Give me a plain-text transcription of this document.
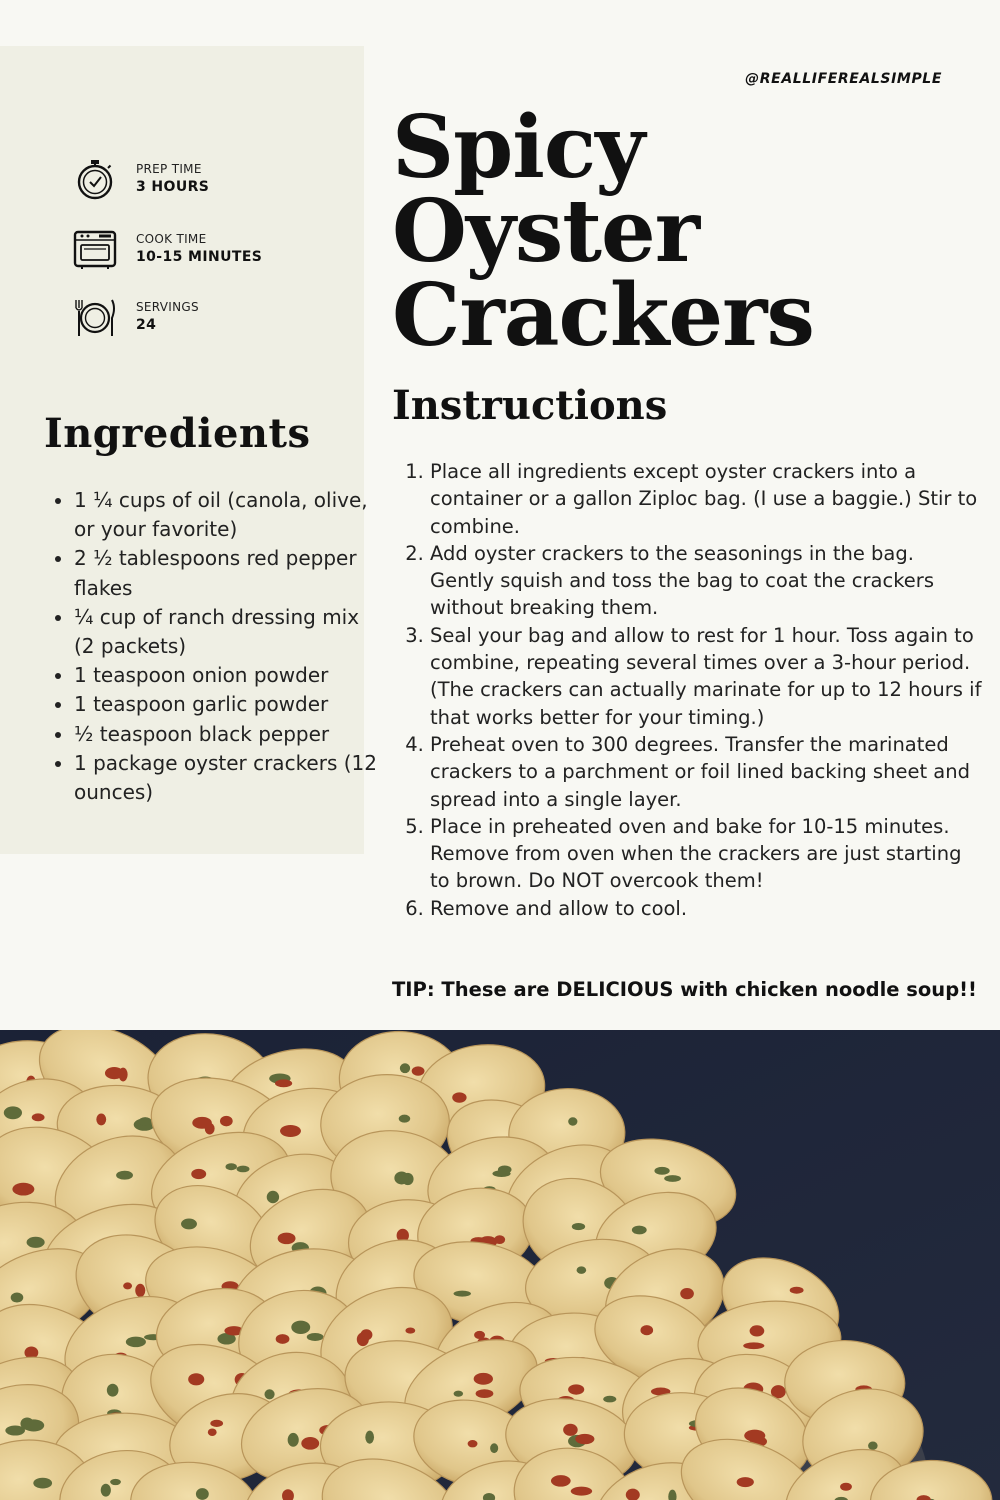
PREP TIME
3 HOURS
COOK TIME
10-15 MINUTES
SERVINGS
24
Ingredients
• 1 ¼ cups of oil (canola, olive, or your favorite)
• 2 ½ tablespoons red pepper flakes
• ¼ cup of ranch dressing mix (2 packets)
• 1 teaspoon onion powder
• 1 teaspoon garlic powder
• ½ teaspoon black pepper
• 1 package oyster crackers (12 ounces)
@REALLIFEREALSIMPLE
Spicy Oyster Crackers
Instructions
1. Place all ingredients except oyster crackers into a container or a gallon Ziploc bag. (I use a baggie.) Stir to combine.
2. Add oyster crackers to the seasonings in the bag. Gently squish and toss the bag to coat the crackers without breaking them.
3. Seal your bag and allow to rest for 1 hour. Toss again to combine, repeating several times over a 3-hour period. (The crackers can actually marinate for up to 12 hours if that works better for your timing.)
4. Preheat oven to 300 degrees. Transfer the marinated crackers to a parchment or foil lined backing sheet and spread into a single layer.
5. Place in preheated oven and bake for 10-15 minutes. Remove from oven when the crackers are just starting to brown. Do NOT overcook them!
6. Remove and allow to cool.
TIP: These are DELICIOUS with chicken noodle soup!!
